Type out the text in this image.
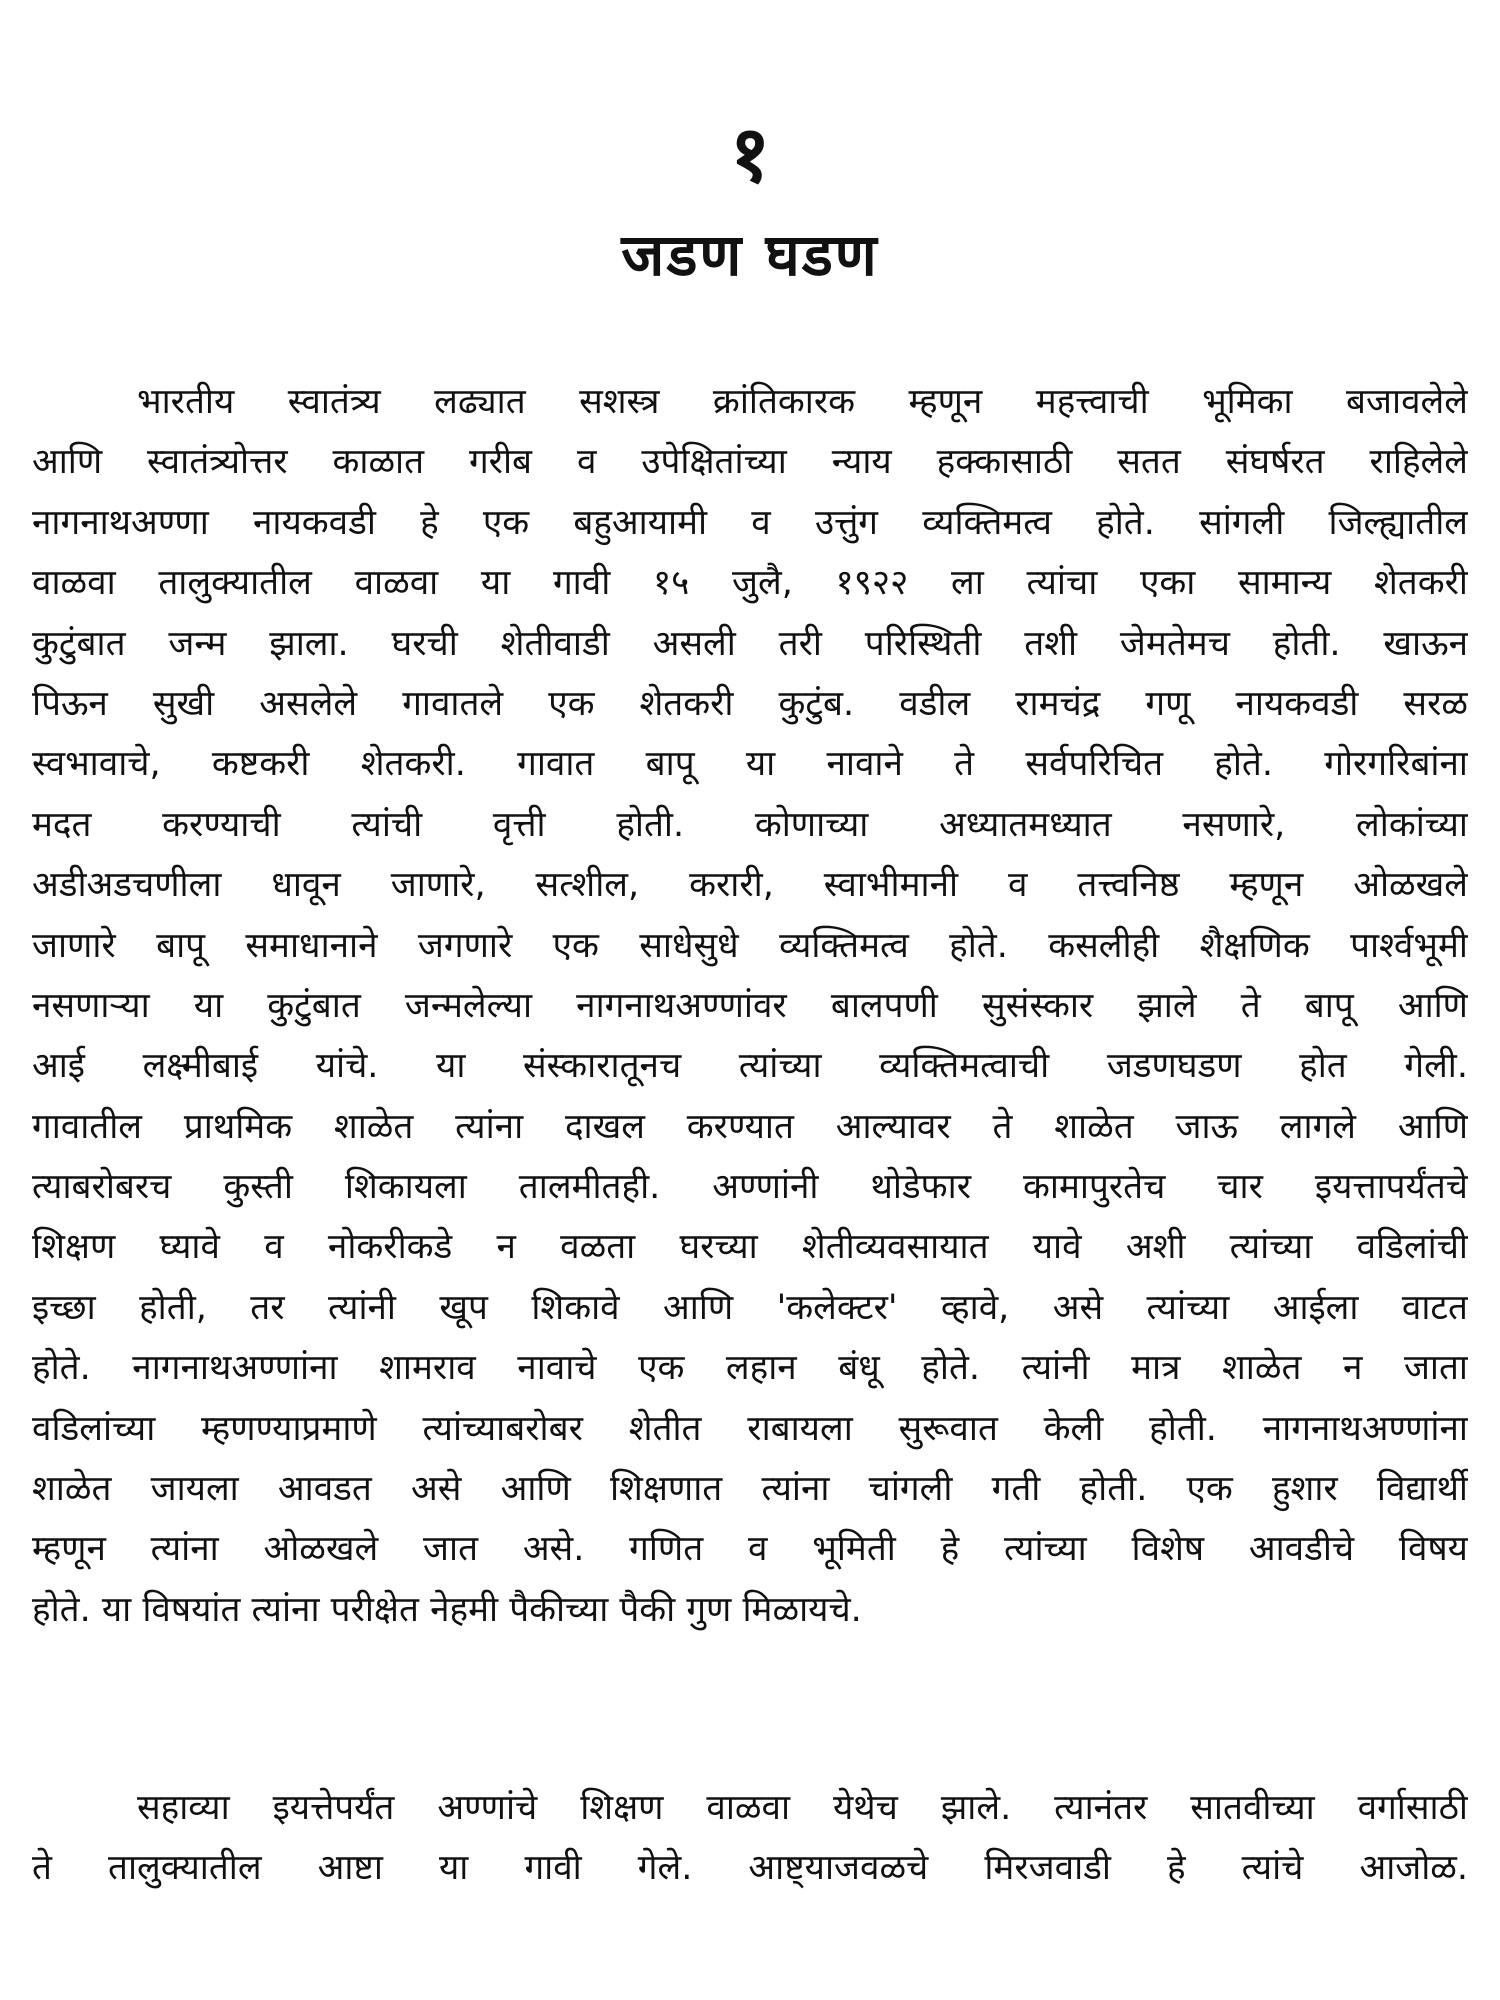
१
जडण घडण
भारतीय स्वातंत्र्य लढ्यात सशस्त्र क्रांतिकारक म्हणून महत्त्वाची भूमिका बजावलेले
आणि स्वातंत्र्योत्तर काळात गरीब व उपेक्षितांच्या न्याय हक्कासाठी सतत संघर्षरत राहिलेले
नागनाथअण्णा नायकवडी हे एक बहुआयामी व उत्तुंग व्यक्तिमत्व होते. सांगली जिल्ह्यातील
वाळवा तालुक्यातील वाळवा या गावी १५ जुलै, १९२२ ला त्यांचा एका सामान्य शेतकरी
कुटुंबात जन्म झाला. घरची शेतीवाडी असली तरी परिस्थिती तशी जेमतेमच होती. खाऊन
पिऊन सुखी असलेले गावातले एक शेतकरी कुटुंब. वडील रामचंद्र गणू नायकवडी सरळ
स्वभावाचे, कष्टकरी शेतकरी. गावात बापू या नावाने ते सर्वपरिचित होते. गोरगरिबांना
मदत करण्याची त्यांची वृत्ती होती. कोणाच्या अध्यातमध्यात नसणारे, लोकांच्या
अडीअडचणीला धावून जाणारे, सत्शील, करारी, स्वाभीमानी व तत्त्वनिष्ठ म्हणून ओळखले
जाणारे बापू समाधानाने जगणारे एक साधेसुधे व्यक्तिमत्व होते. कसलीही शैक्षणिक पार्श्वभूमी
नसणाऱ्या या कुटुंबात जन्मलेल्या नागनाथअण्णांवर बालपणी सुसंस्कार झाले ते बापू आणि
आई लक्ष्मीबाई यांचे. या संस्कारातूनच त्यांच्या व्यक्तिमत्वाची जडणघडण होत गेली.
गावातील प्राथमिक शाळेत त्यांना दाखल करण्यात आल्यावर ते शाळेत जाऊ लागले आणि
त्याबरोबरच कुस्ती शिकायला तालमीतही. अण्णांनी थोडेफार कामापुरतेच चार इयत्तापर्यंतचे
शिक्षण घ्यावे व नोकरीकडे न वळता घरच्या शेतीव्यवसायात यावे अशी त्यांच्या वडिलांची
इच्छा होती, तर त्यांनी खूप शिकावे आणि 'कलेक्टर' व्हावे, असे त्यांच्या आईला वाटत
होते. नागनाथअण्णांना शामराव नावाचे एक लहान बंधू होते. त्यांनी मात्र शाळेत न जाता
वडिलांच्या म्हणण्याप्रमाणे त्यांच्याबरोबर शेतीत राबायला सुरूवात केली होती. नागनाथअण्णांना
शाळेत जायला आवडत असे आणि शिक्षणात त्यांना चांगली गती होती. एक हुशार विद्यार्थी
म्हणून त्यांना ओळखले जात असे. गणित व भूमिती हे त्यांच्या विशेष आवडीचे विषय
होते. या विषयांत त्यांना परीक्षेत नेहमी पैकीच्या पैकी गुण मिळायचे.
सहाव्या इयत्तेपर्यंत अण्णांचे शिक्षण वाळवा येथेच झाले. त्यानंतर सातवीच्या वर्गासाठी
ते तालुक्यातील आष्टा या गावी गेले. आष्ट्याजवळचे मिरजवाडी हे त्यांचे आजोळ.
